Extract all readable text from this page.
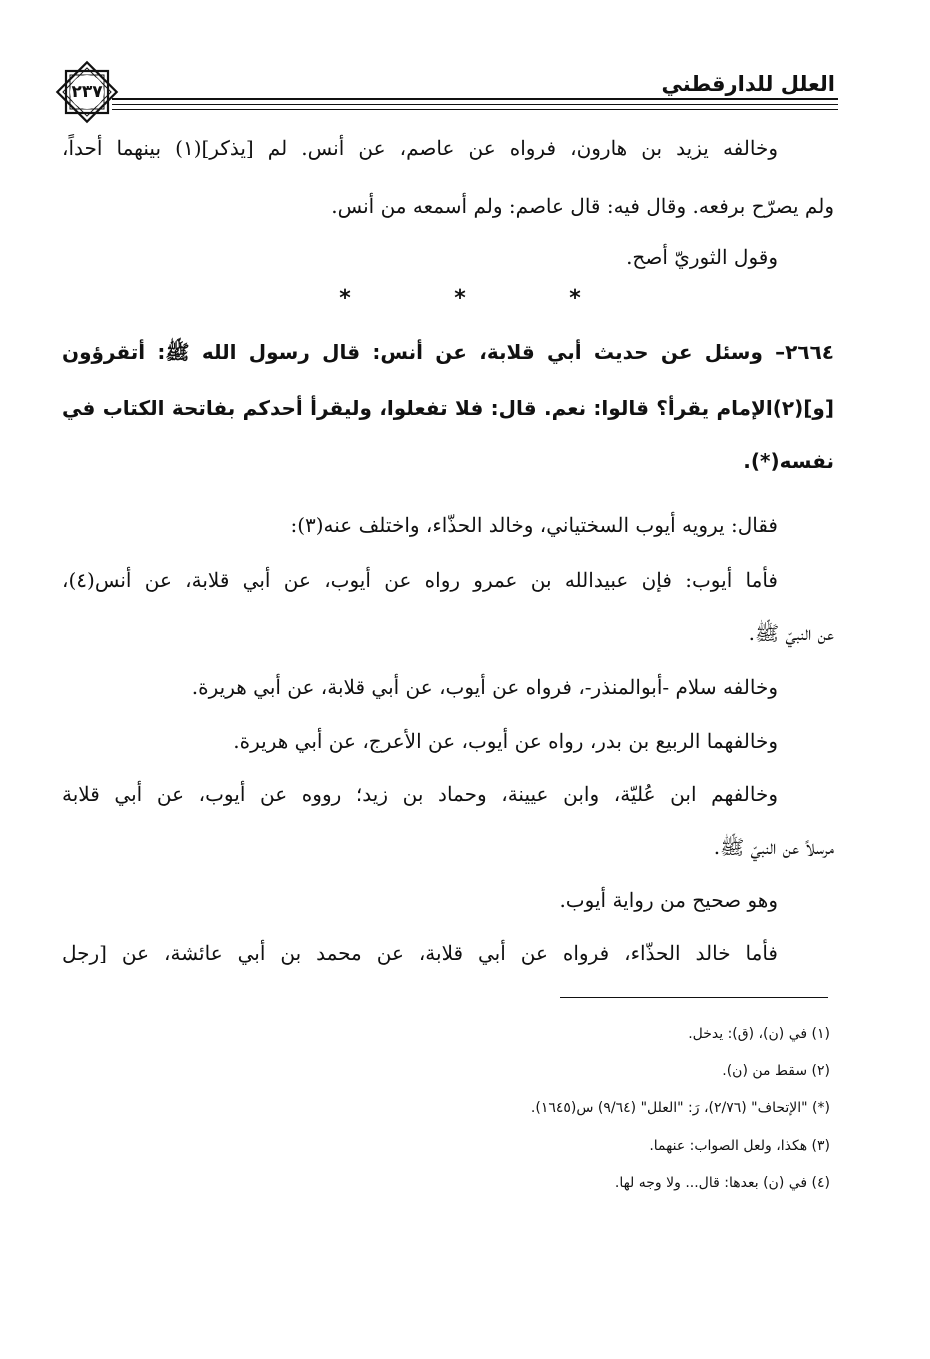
العلل للدارقطني
٢٣٧
وخالفه يزيد بن هارون، فرواه عن عاصم، عن أنس. لم [يذكر](١) بينهما أحداً،
ولم يصرّح برفعه. وقال فيه: قال عاصم: ولم أسمعه من أنس.
وقول الثوريّ أصح.
*	*	*
٢٦٦٤– وسئل عن حديث أبي قلابة، عن أنس: قال رسول الله ﷺ: أتقرؤون
[و](٢)الإمام يقرأ؟ قالوا: نعم. قال: فلا تفعلوا، وليقرأ أحدكم بفاتحة الكتاب في
نفسه(*).
فقال: يرويه أيوب السختياني، وخالد الحذّاء، واختلف عنه(٣):
فأما أيوب: فإن عبيدالله بن عمرو رواه عن أيوب، عن أبي قلابة، عن أنس(٤)،
عن النبيّ ﷺ.
وخالفه سلام -أبوالمنذر-، فرواه عن أيوب، عن أبي قلابة، عن أبي هريرة.
وخالفهما الربيع بن بدر، رواه عن أيوب، عن الأعرج، عن أبي هريرة.
وخالفهم ابن عُليّة، وابن عيينة، وحماد بن زيد؛ رووه عن أيوب، عن أبي قلابة
مرسلاً عن النبيّ ﷺ.
وهو صحيح من رواية أيوب.
فأما خالد الحذّاء، فرواه عن أبي قلابة، عن محمد بن أبي عائشة، عن [رجل
(١) في (ن)، (ق): يدخل.
(٢) سقط من (ن).
(*) "الإتحاف" (٢/٧٦)، رَ: "العلل" (٩/٦٤) س(١٦٤٥).
(٣) هكذا، ولعل الصواب: عنهما.
(٤) في (ن) بعدها: قال... ولا وجه لها.
